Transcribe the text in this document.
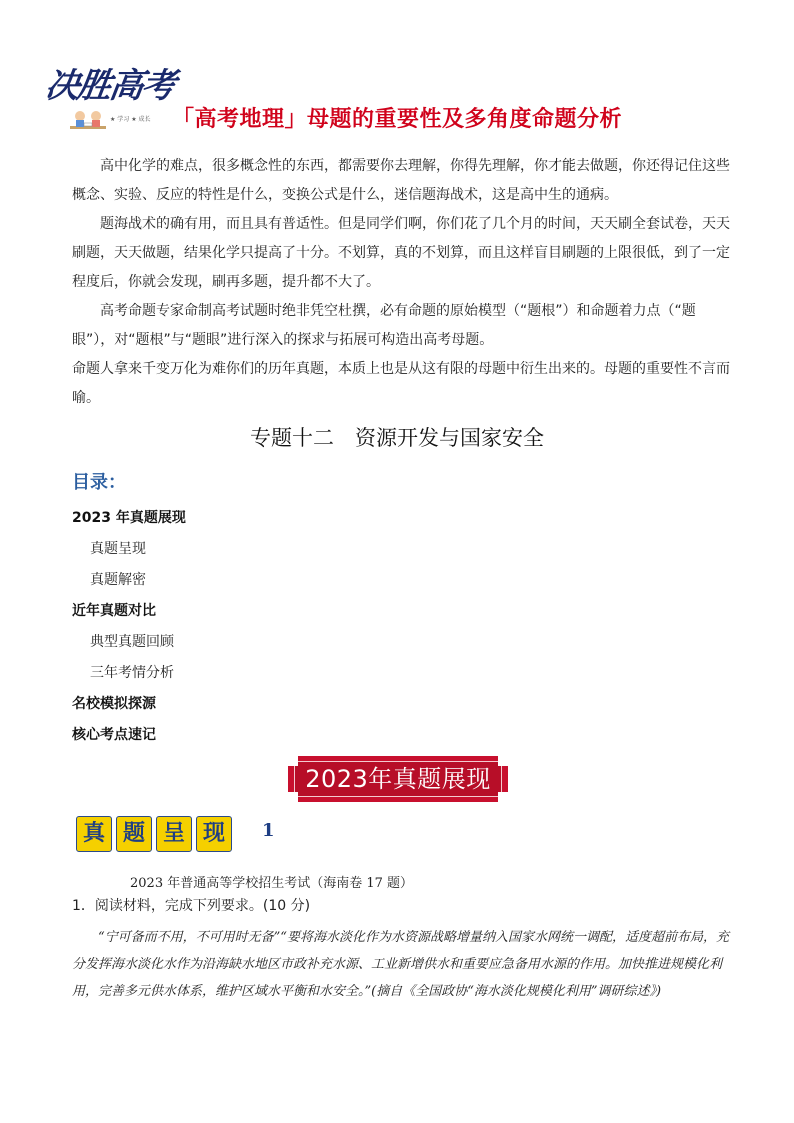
决胜高考
★ 学习 ★ 成长 「高考地理」母题的重要性及多角度命题分析

高中化学的难点，很多概念性的东西，都需要你去理解，你得先理解，你才能去做题，你还得记住这些概念、实验、反应的特性是什么，变换公式是什么，迷信题海战术，这是高中生的通病。

题海战术的确有用，而且具有普适性。但是同学们啊，你们花了几个月的时间，天天刷全套试卷，天天刷题，天天做题，结果化学只提高了十分。不划算，真的不划算，而且这样盲目刷题的上限很低，到了一定程度后，你就会发现，刷再多题，提升都不大了。

高考命题专家命制高考试题时绝非凭空杜撰，必有命题的原始模型（“题根”）和命题着力点（“题眼”），对“题根”与“题眼”进行深入的探求与拓展可构造出高考母题。

命题人拿来千变万化为难你们的历年真题，本质上也是从这有限的母题中衍生出来的。母题的重要性不言而喻。

专题十二　资源开发与国家安全
目录：
2023 年真题展现
真题呈现
真题解密
近年真题对比
典型真题回顾
三年考情分析
名校模拟探源
核心考点速记
2023年真题展现
真 题 呈 现	1
2023 年普通高等学校招生考试（海南卷 17 题）
1．阅读材料，完成下列要求。(10 分)

“宁可备而不用，不可用时无备”“要将海水淡化作为水资源战略增量纳入国家水网统一调配，适度超前布局，充分发挥海水淡化水作为沿海缺水地区市政补充水源、工业新增供水和重要应急备用水源的作用。加快推进规模化利用，完善多元供水体系，维护区域水平衡和水安全。”(摘自《全国政协“海水淡化规模化利用”调研综述》)
